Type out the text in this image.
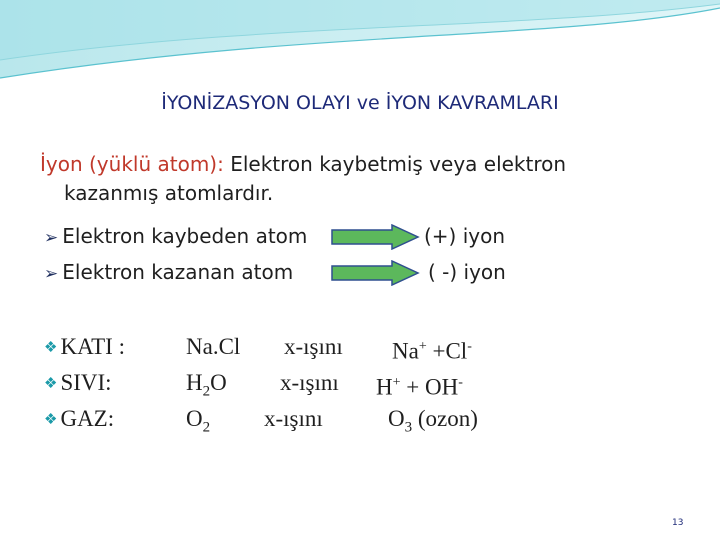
İYONİZASYON OLAYI ve İYON KAVRAMLARI
İyon (yüklü atom): Elektron kaybetmiş veya elektron
kazanmış atomlardır.
➢ Elektron kaybeden atom	(+) iyon
➢ Elektron kazanan atom	( -) iyon
❖ KATI :
❖ SIVI:
❖ GAZ:
Na.Cl
$H_2O$
$O_2$
x-ışını
x-ışını
x-ışını
Na+ +Cl-
H+ + OH-
$O_3$ (ozon)
13
